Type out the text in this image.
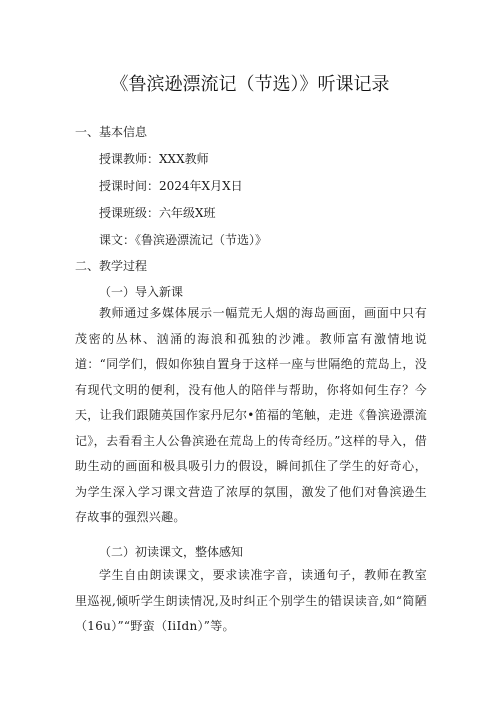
《鲁滨逊漂流记（节选）》听课记录

一、基本信息

授课教师：XXX教师

授课时间：2024年X月X日

授课班级：六年级X班

课文：《鲁滨逊漂流记（节选）》

二、教学过程

（一）导入新课

教师通过多媒体展示一幅荒无人烟的海岛画面，画面中只有茂密的丛林、汹涌的海浪和孤独的沙滩。教师富有激情地说道：“同学们，假如你独自置身于这样一座与世隔绝的荒岛上，没有现代文明的便利，没有他人的陪伴与帮助，你将如何生存？今天，让我们跟随英国作家丹尼尔•笛福的笔触，走进《鲁滨逊漂流记》，去看看主人公鲁滨逊在荒岛上的传奇经历。”这样的导入，借助生动的画面和极具吸引力的假设，瞬间抓住了学生的好奇心，为学生深入学习课文营造了浓厚的氛围，激发了他们对鲁滨逊生存故事的强烈兴趣。

（二）初读课文，整体感知

学生自由朗读课文，要求读准字音，读通句子，教师在教室里巡视,倾听学生朗读情况,及时纠正个别学生的错误读音,如“简陋（16u）”“野蛮（IiIdn）”等。
